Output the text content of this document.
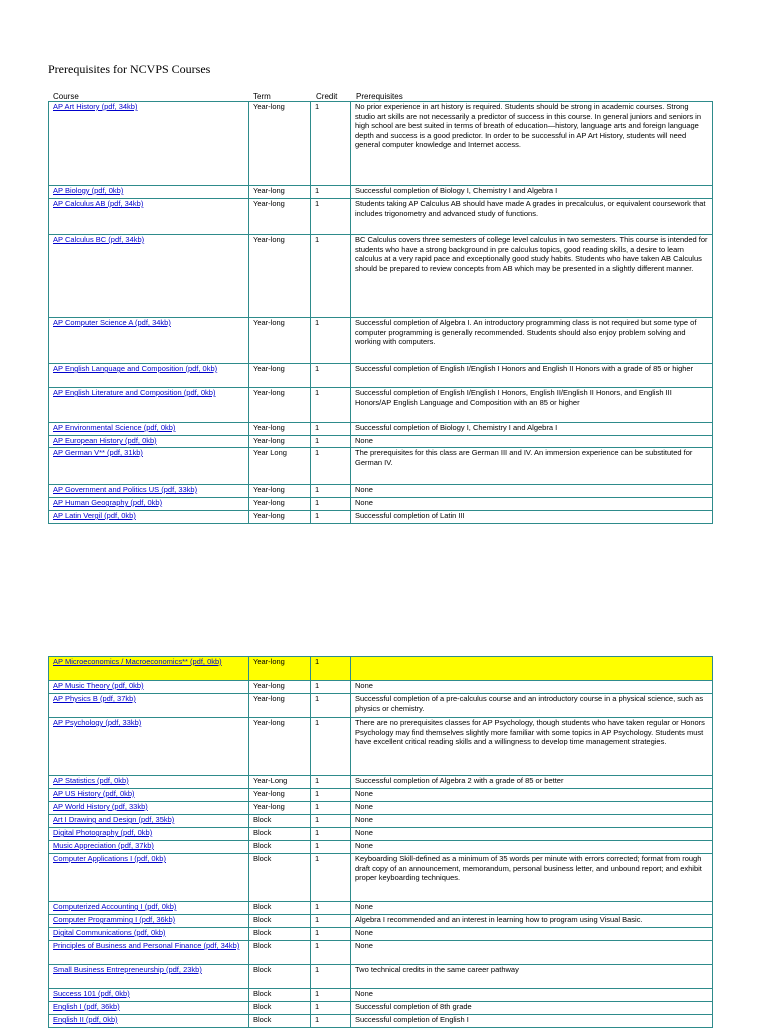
Prerequisites for NCVPS Courses
Course	Term	Credit Prerequisites
AP Art History (pdf, 34kb)	Year-long	1	No prior experience in art history is required. Students should be strong in academic courses. Strong studio art skills are not necessarily a predictor of success in this course. In general juniors and seniors in high school are best suited in terms of breath of education—history, language arts and foreign language depth and success is a good predictor. In order to be successful in AP Art History, students will need general computer knowledge and Internet access.
AP Biology (pdf, 0kb)	Year-long	1	Successful completion of Biology I, Chemistry I and Algebra I
AP Calculus AB (pdf, 34kb)	Year-long	1	Students taking AP Calculus AB should have made A grades in precalculus, or equivalent coursework that includes trigonometry and advanced study of functions.
AP Calculus BC (pdf, 34kb)	Year-long	1	BC Calculus covers three semesters of college level calculus in two semesters. This course is intended for students who have a strong background in pre calculus topics, good reading skills, a desire to learn calculus at a very rapid pace and exceptionally good study habits. Students who have taken AB Calculus should be prepared to review concepts from AB which may be presented in a slightly different manner.
AP Computer Science A (pdf, 34kb)	Year-long	1	Successful completion of Algebra I. An introductory programming class is not required but some type of computer programming is generally recommended. Students should also enjoy problem solving and working with computers.
AP English Language and Composition (pdf, 0kb)	Year-long	1	Successful completion of English I/English I Honors and English II Honors with a grade of 85 or higher
AP English Literature and Composition (pdf, 0kb)	Year-long	1	Successful completion of English I/English I Honors, English II/English II Honors, and English III Honors/AP English Language and Composition with an 85 or higher
AP Environmental Science (pdf, 0kb)	Year-long	1	Successful completion of Biology I, Chemistry I and Algebra I
AP European History (pdf, 0kb)	Year-long	1	None
AP German V** (pdf, 31kb)	Year Long	1	The prerequisites for this class are German III and IV. An immersion experience can be substituted for German IV.
AP Government and Politics US (pdf, 33kb)	Year-long	1	None
AP Human Geography (pdf, 0kb)	Year-long	1	None
AP Latin Vergil (pdf, 0kb)	Year-long	1	Successful completion of Latin III
AP Microeconomics / Macroeconomics** (pdf, 0kb)	Year-long	1	
AP Music Theory (pdf, 0kb)	Year-long	1	None
AP Physics B (pdf, 37kb)	Year-long	1	Successful completion of a pre-calculus course and an introductory course in a physical science, such as physics or chemistry.
AP Psychology (pdf, 33kb)	Year-long	1	There are no prerequisites classes for AP Psychology, though students who have taken regular or Honors Psychology may find themselves slightly more familiar with some topics in AP Psychology. Students must have excellent critical reading skills and a willingness to develop time management strategies.
AP Statistics (pdf, 0kb)	Year-Long	1	Successful completion of Algebra 2 with a grade of 85 or better
AP US History (pdf, 0kb)	Year-long	1	None
AP World History (pdf, 33kb)	Year-long	1	None
Art I Drawing and Design (pdf, 35kb)	Block	1	None
Digital Photography (pdf, 0kb)	Block	1	None
Music Appreciation (pdf, 37kb)	Block	1	None
Computer Applications I (pdf, 0kb)	Block	1	Keyboarding Skill-defined as a minimum of 35 words per minute with errors corrected; format from rough draft copy of an announcement, memorandum, personal business letter, and unbound report; and exhibit proper keyboarding techniques.
Computerized Accounting I (pdf, 0kb)	Block	1	None
Computer Programming I (pdf, 36kb)	Block	1	Algebra I recommended and an interest in learning how to program using Visual Basic.
Digital Communications (pdf, 0kb)	Block	1	None
Principles of Business and Personal Finance (pdf, 34kb)	Block	1	None
Small Business Entrepreneurship (pdf, 23kb)	Block	1	Two technical credits in the same career pathway
Success 101 (pdf, 0kb)	Block	1	None
English I (pdf, 36kb)	Block	1	Successful completion of 8th grade
English II (pdf, 0kb)	Block	1	Successful completion of English I
